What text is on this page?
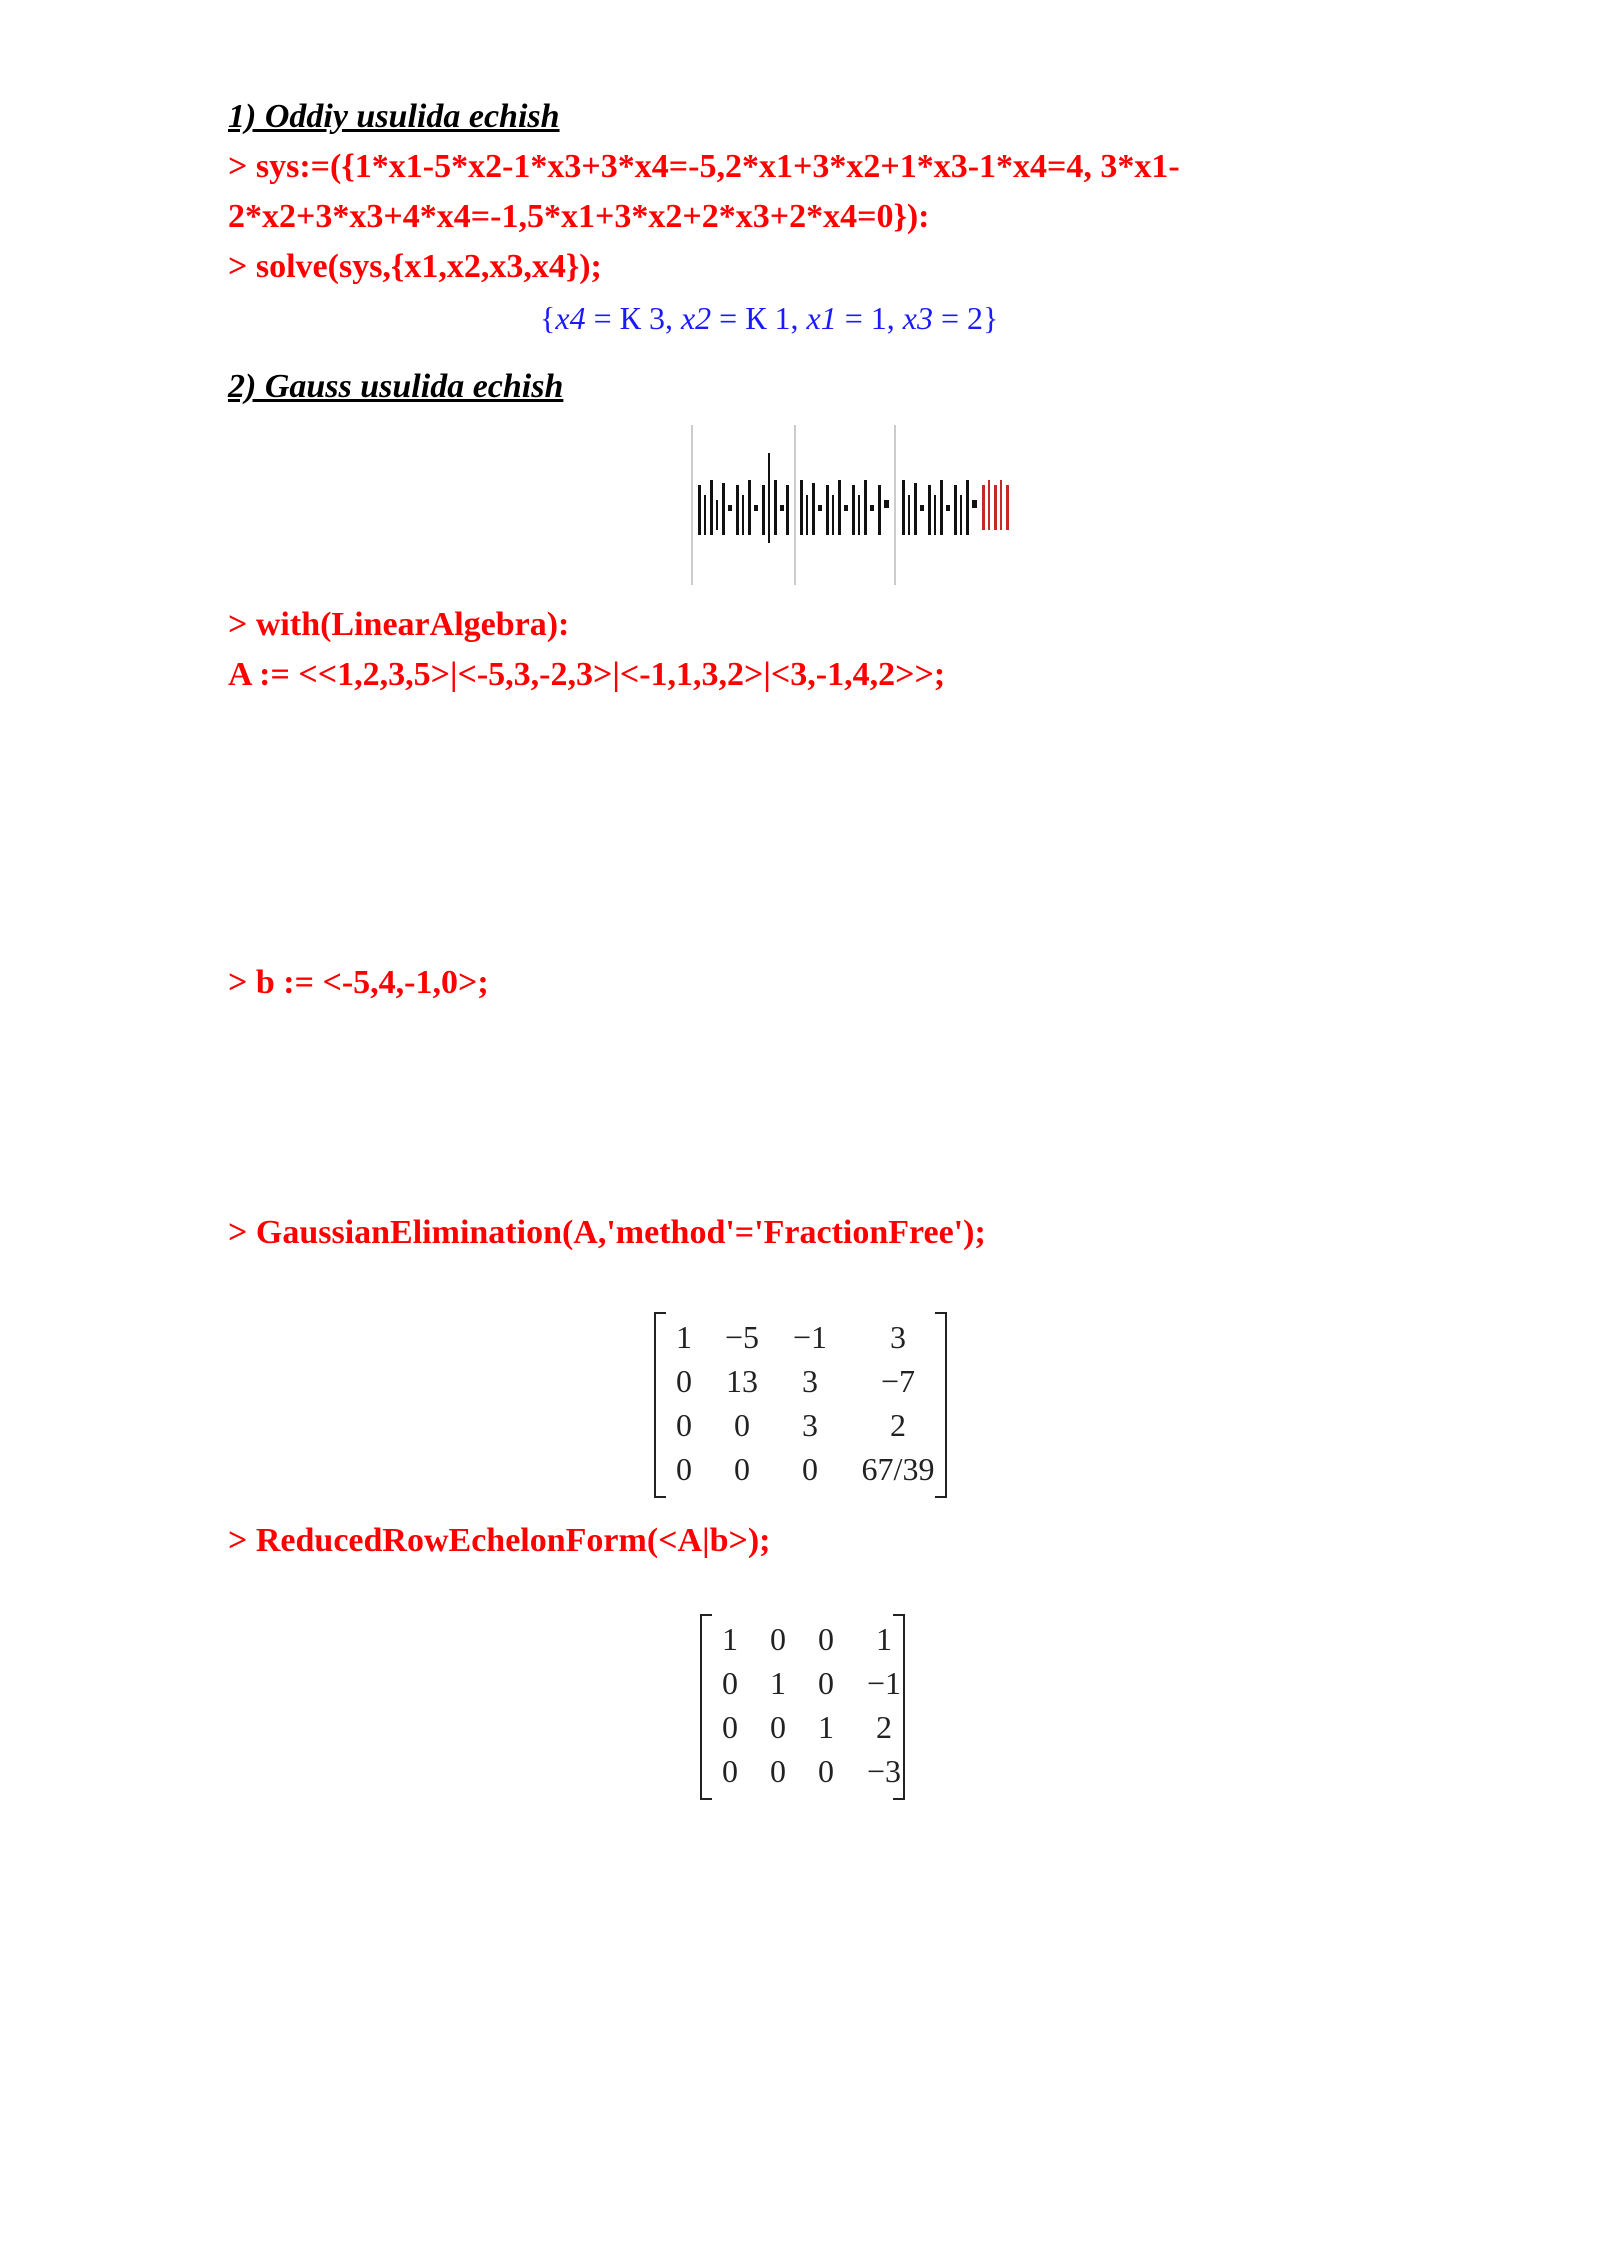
1) Oddiy usulida echish
> sys:=({1*x1-5*x2-1*x3+3*x4=-5,2*x1+3*x2+1*x3-1*x4=4, 3*x1-
2*x2+3*x3+4*x4=-1,5*x1+3*x2+2*x3+2*x4=0}):
> solve(sys,{x1,x2,x3,x4});
{x4 = К 3, x2 = К 1, x1 = 1, x3 = 2}
2) Gauss usulida echish
> with(LinearAlgebra):
A := <<1,2,3,5>|<-5,3,-2,3>|<-1,1,3,2>|<3,-1,4,2>>;
> b := <-5,4,-1,0>;
> GaussianElimination(A,'method'='FractionFree');
1	−5	−1	3
0	13	3	−7
0	0	3	2
0	0	0	67/39
> ReducedRowEchelonForm(<A|b>);
1	0	0	1
0	1	0	−1
0	0	1	2
0	0	0	−3
